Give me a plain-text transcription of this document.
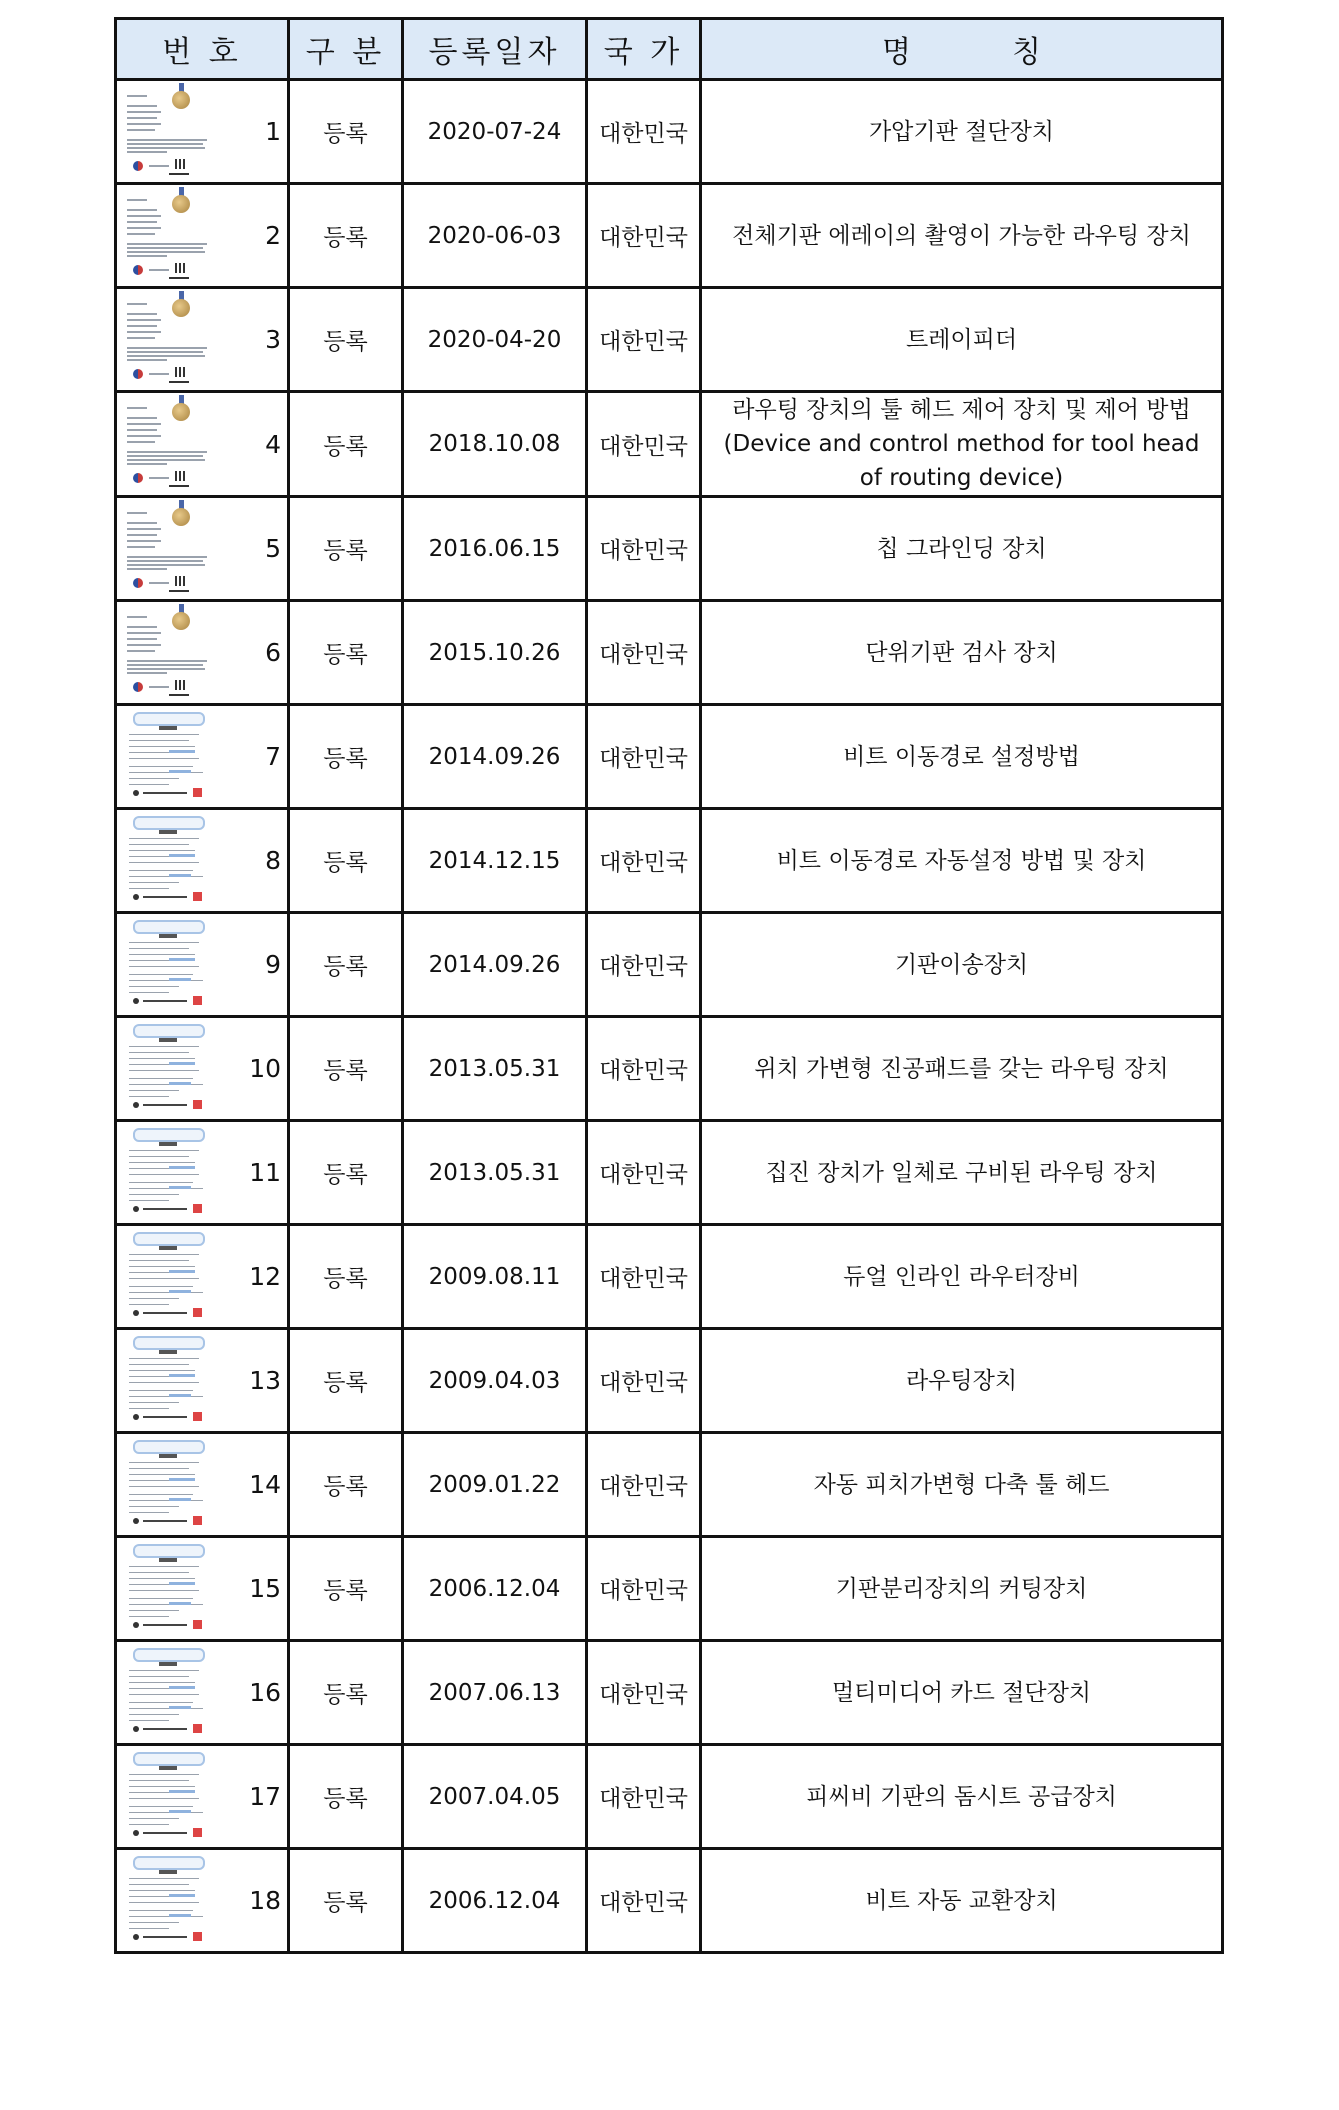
번 호	구 분	등록일자	국 가	명 칭

1	등록	2020-07-24	대한민국	가압기판 절단장치

2	등록	2020-06-03	대한민국	전체기판 에레이의 촬영이 가능한 라우팅 장치

3	등록	2020-04-20	대한민국	트레이피더

4	등록	2018.10.08	대한민국	라우팅 장치의 툴 헤드 제어 장치 및 제어 방법 (Device and control method for tool head of routing device)

5	등록	2016.06.15	대한민국	칩 그라인딩 장치

6	등록	2015.10.26	대한민국	단위기판 검사 장치

7	등록	2014.09.26	대한민국	비트 이동경로 설정방법

8	등록	2014.12.15	대한민국	비트 이동경로 자동설정 방법 및 장치

9	등록	2014.09.26	대한민국	기판이송장치

10	등록	2013.05.31	대한민국	위치 가변형 진공패드를 갖는 라우팅 장치

11	등록	2013.05.31	대한민국	집진 장치가 일체로 구비된 라우팅 장치

12	등록	2009.08.11	대한민국	듀얼 인라인 라우터장비

13	등록	2009.04.03	대한민국	라우팅장치

14	등록	2009.01.22	대한민국	자동 피치가변형 다축 툴 헤드

15	등록	2006.12.04	대한민국	기판분리장치의 커팅장치

16	등록	2007.06.13	대한민국	멀티미디어 카드 절단장치

17	등록	2007.04.05	대한민국	피씨비 기판의 돔시트 공급장치

18	등록	2006.12.04	대한민국	비트 자동 교환장치
